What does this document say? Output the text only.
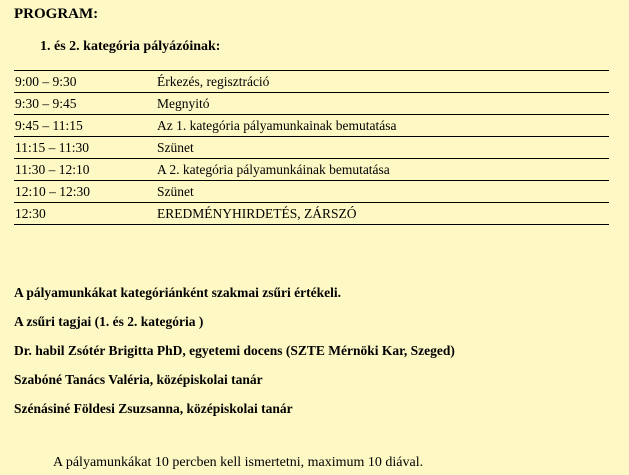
PROGRAM:
1. és 2. kategória pályázóinak:
9:00 – 9:30	Érkezés, regisztráció
9:30 – 9:45	Megnyitó
9:45 – 11:15	Az 1. kategória pályamunkainak bemutatása
11:15 – 11:30	Szünet
11:30 – 12:10	A 2. kategória pályamunkáinak bemutatása
12:10 – 12:30	Szünet
12:30	EREDMÉNYHIRDETÉS, ZÁRSZÓ
A pályamunkákat kategóriánként szakmai zsűri értékeli.
A zsűri tagjai (1. és 2. kategória )
Dr. habil Zsótér Brigitta PhD, egyetemi docens (SZTE Mérnöki Kar, Szeged)
Szabóné Tanács Valéria, középiskolai tanár
Szénásiné Földesi Zsuzsanna, középiskolai tanár
A pályamunkákat 10 percben kell ismertetni, maximum 10 diával.
